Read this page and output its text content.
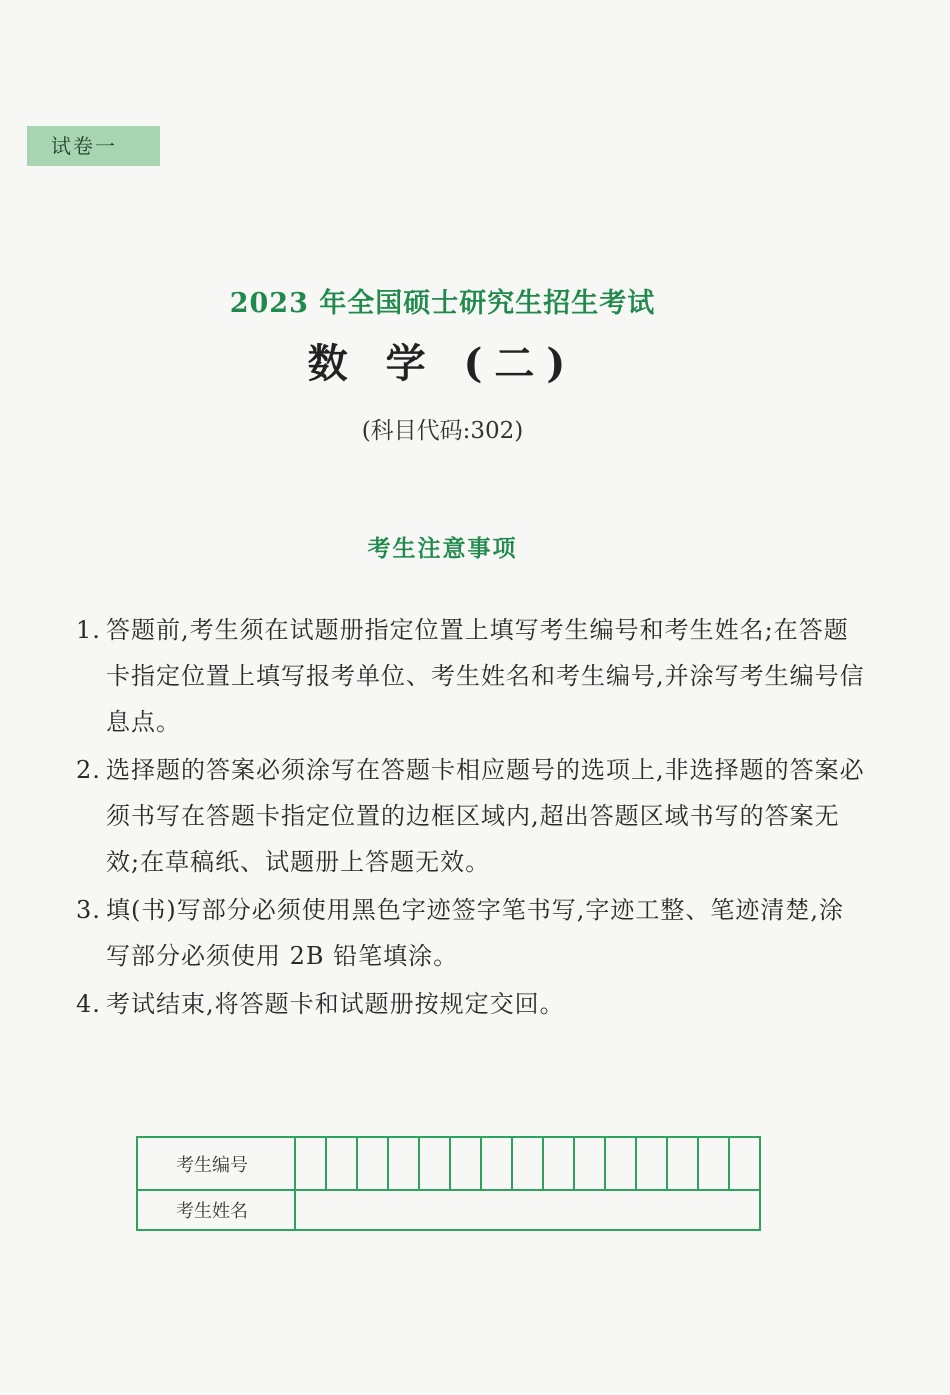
试卷一
2023 年全国硕士研究生招生考试
数 学 (二)
(科目代码:302)
考生注意事项
1. 答题前,考生须在试题册指定位置上填写考生编号和考生姓名;在答题卡指定位置上填写报考单位、考生姓名和考生编号,并涂写考生编号信息点。
2. 选择题的答案必须涂写在答题卡相应题号的选项上,非选择题的答案必须书写在答题卡指定位置的边框区域内,超出答题区域书写的答案无效;在草稿纸、试题册上答题无效。
3. 填(书)写部分必须使用黑色字迹签字笔书写,字迹工整、笔迹清楚,涂写部分必须使用 2B 铅笔填涂。
4. 考试结束,将答题卡和试题册按规定交回。
考生编号															
考生姓名															
